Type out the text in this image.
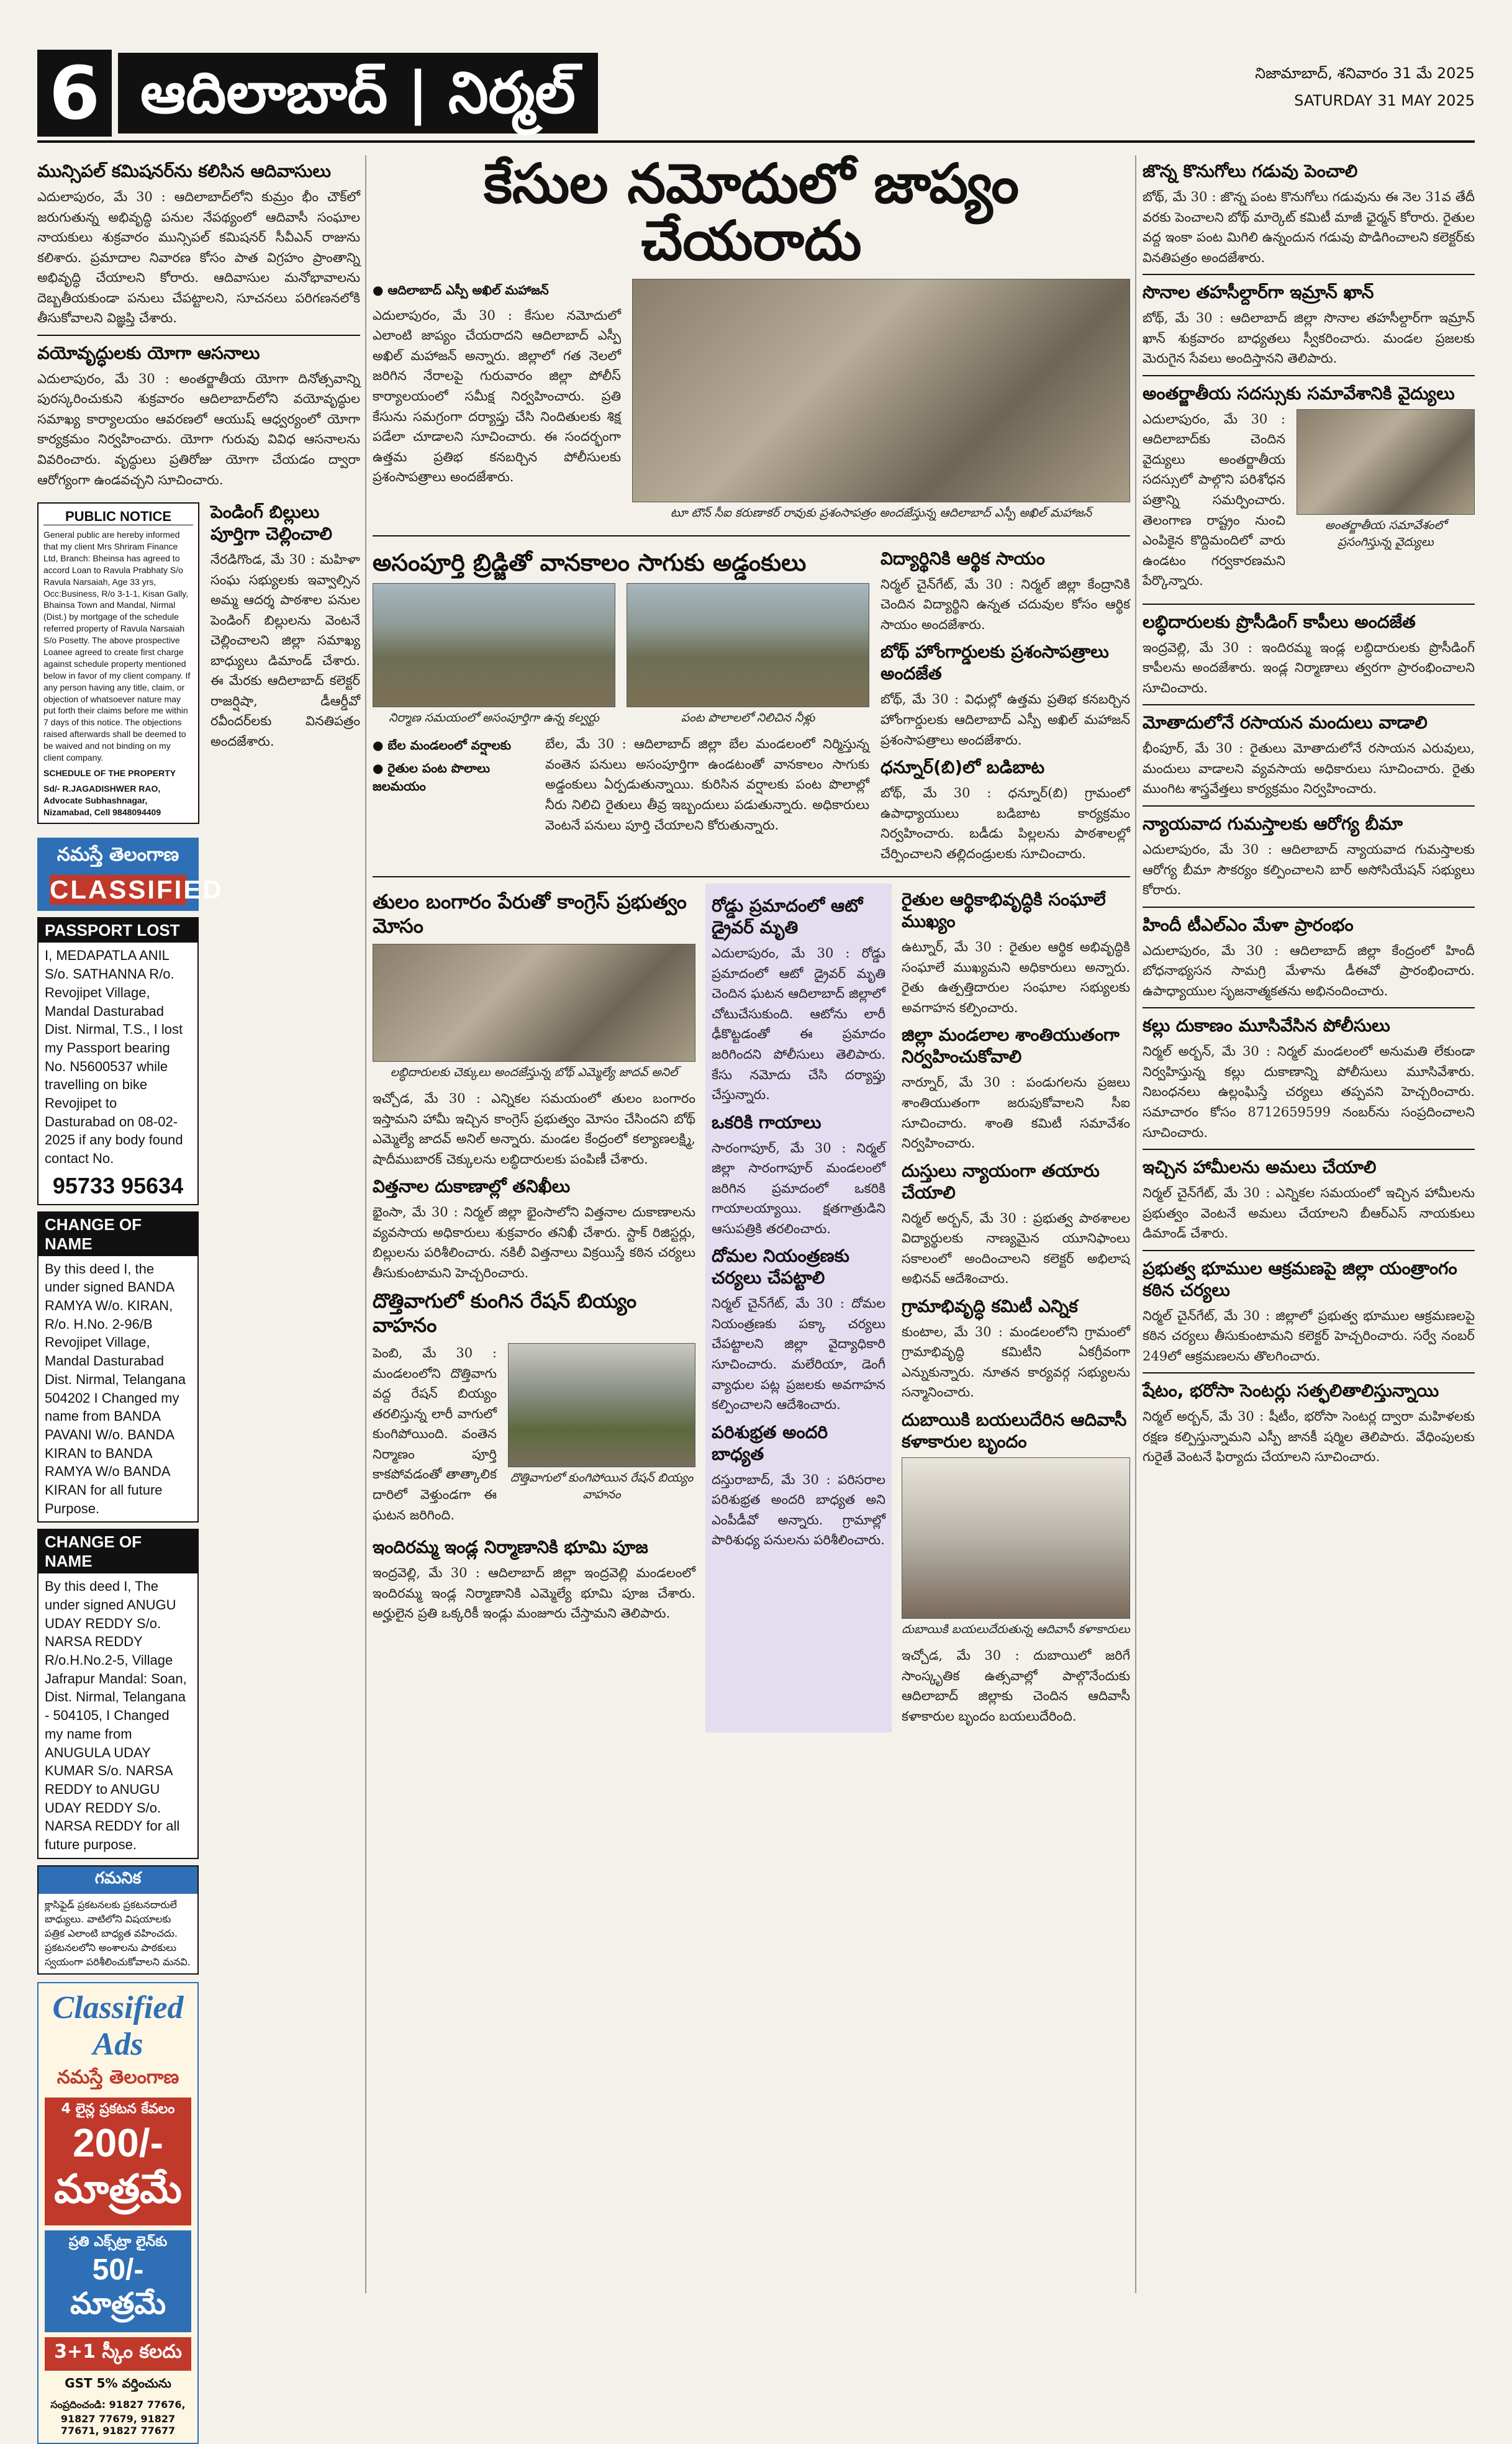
6 ఆదిలాబాద్ | నిర్మల్	నిజామాబాద్, శనివారం 31 మే 2025
SATURDAY 31 MAY 2025
మున్సిపల్ కమిషనర్‌ను కలిసిన ఆదివాసులు

ఎదులాపురం, మే 30 : ఆదిలాబాద్‌లోని కుమ్రం భీం చౌక్‌లో జరుగుతున్న అభివృద్ధి పనుల నేపథ్యంలో ఆదివాసీ సంఘాల నాయకులు శుక్రవారం మున్సిపల్ కమిషనర్ సీవీఎన్ రాజును కలిశారు. ప్రమాదాల నివారణ కోసం పాత విగ్రహం ప్రాంతాన్ని అభివృద్ధి చేయాలని కోరారు. ఆదివాసుల మనోభావాలను దెబ్బతీయకుండా పనులు చేపట్టాలని, సూచనలు పరిగణనలోకి తీసుకోవాలని విజ్ఞప్తి చేశారు.

వయోవృద్ధులకు యోగా ఆసనాలు

ఎదులాపురం, మే 30 : అంతర్జాతీయ యోగా దినోత్సవాన్ని పురస్కరించుకుని శుక్రవారం ఆదిలాబాద్‌లోని వయోవృద్ధుల సమాఖ్య కార్యాలయం ఆవరణలో ఆయుష్ ఆధ్వర్యంలో యోగా కార్యక్రమం నిర్వహించారు. యోగా గురువు వివిధ ఆసనాలను వివరించారు. వృద్ధులు ప్రతిరోజు యోగా చేయడం ద్వారా ఆరోగ్యంగా ఉండవచ్చని సూచించారు.

PUBLIC NOTICE

General public are hereby informed that my client Mrs Shriram Finance Ltd, Branch: Bheinsa has agreed to accord Loan to Ravula Prabhaty S/o Ravula Narsaiah, Age 33 yrs, Occ:Business, R/o 3-1-1, Kisan Gally, Bhainsa Town and Mandal, Nirmal (Dist.) by mortgage of the schedule referred property of Ravula Narsaiah S/o Posetty. The above prospective Loanee agreed to create first charge against schedule property mentioned below in favor of my client company. If any person having any title, claim, or objection of whatsoever nature may put forth their claims before me within 7 days of this notice. The objections raised afterwards shall be deemed to be waived and not binding on my client company.

SCHEDULE OF THE PROPERTY

Sd/- R.JAGADISHWER RAO, Advocate Subhashnagar, Nizamabad, Cell 9848094409

పెండింగ్ బిల్లులు పూర్తిగా చెల్లించాలి

నేరడిగొండ, మే 30 : మహిళా సంఘ సభ్యులకు ఇవ్వాల్సిన అమ్మ ఆదర్శ పాఠశాల పనుల పెండింగ్ బిల్లులను వెంటనే చెల్లించాలని జిల్లా సమాఖ్య బాధ్యులు డిమాండ్ చేశారు. ఈ మేరకు ఆదిలాబాద్ కలెక్టర్ రాజర్షిషా, డీఆర్డీవో రవీందర్‌లకు వినతిపత్రం అందజేశారు.

నమస్తే తెలంగాణ
CLASSIFIED
PASSPORT LOST

I, MEDAPATLA ANIL S/o. SATHANNA R/o. Revojipet Village, Mandal Dasturabad Dist. Nirmal, T.S., I lost my Passport bearing No. N5600537 while travelling on bike Revojipet to Dasturabad on 08-02-2025 if any body found contact No.

95733 95634
CHANGE OF NAME

By this deed I, the under signed BANDA RAMYA W/o. KIRAN, R/o. H.No. 2-96/B Revojipet Village, Mandal Dasturabad Dist. Nirmal, Telangana 504202 I Changed my name from BANDA PAVANI W/o. BANDA KIRAN to BANDA RAMYA W/o BANDA KIRAN for all future Purpose.

CHANGE OF NAME

By this deed I, The under signed ANUGU UDAY REDDY S/o. NARSA REDDY R/o.H.No.2-5, Village Jafrapur Mandal: Soan, Dist. Nirmal, Telangana - 504105, I Changed my name from ANUGULA UDAY KUMAR S/o. NARSA REDDY to ANUGU UDAY REDDY S/o. NARSA REDDY for all future purpose.

గమనిక

క్లాసిఫైడ్ ప్రకటనలకు ప్రకటనదారులే బాధ్యులు. వాటిలోని విషయాలకు పత్రిక ఎలాంటి బాధ్యత వహించదు. ప్రకటనలలోని అంశాలను పాఠకులు స్వయంగా పరిశీలించుకోవాలని మనవి.

Classified Ads
నమస్తే తెలంగాణ
4 లైన్ల ప్రకటన కేవలం
200/- మాత్రమే
ప్రతి ఎక్స్‌ట్రా లైన్‌కు
50/- మాత్రమే
3+1 స్కీం కలదు
GST 5% వర్తించును
సంప్రదించండి: 91827 77676, 91827 77679, 91827 77671, 91827 77677
కేసుల నమోదులో జాప్యం చేయరాదు
● ఆదిలాబాద్ ఎస్పీ అఖిల్ మహాజన్

ఎదులాపురం, మే 30 : కేసుల నమోదులో ఎలాంటి జాప్యం చేయరాదని ఆదిలాబాద్ ఎస్పీ అఖిల్ మహాజన్ అన్నారు. జిల్లాలో గత నెలలో జరిగిన నేరాలపై గురువారం జిల్లా పోలీస్ కార్యాలయంలో సమీక్ష నిర్వహించారు. ప్రతి కేసును సమగ్రంగా దర్యాప్తు చేసి నిందితులకు శిక్ష పడేలా చూడాలని సూచించారు. ఈ సందర్భంగా ఉత్తమ ప్రతిభ కనబర్చిన పోలీసులకు ప్రశంసాపత్రాలు అందజేశారు.

టూ టౌన్ సీఐ కరుణాకర్ రావుకు ప్రశంసాపత్రం అందజేస్తున్న ఆదిలాబాద్ ఎస్పీ అఖిల్ మహాజన్
అసంపూర్తి బ్రిడ్జితో వానకాలం సాగుకు అడ్డంకులు
నిర్మాణ సమయంలో అసంపూర్తిగా ఉన్న కల్వర్టు	పంట పొలాలలో నిలిచిన నీళ్లు
● బేల మండలంలో వర్షాలకు
● రైతుల పంట పొలాలు జలమయం

బేల, మే 30 : ఆదిలాబాద్ జిల్లా బేల మండలంలో నిర్మిస్తున్న వంతెన పనులు అసంపూర్తిగా ఉండటంతో వానకాలం సాగుకు అడ్డంకులు ఏర్పడుతున్నాయి. కురిసిన వర్షాలకు పంట పొలాల్లో నీరు నిలిచి రైతులు తీవ్ర ఇబ్బందులు పడుతున్నారు. అధికారులు వెంటనే పనులు పూర్తి చేయాలని కోరుతున్నారు.

విద్యార్థినికి ఆర్థిక సాయం

నిర్మల్ చైన్‌గేట్, మే 30 : నిర్మల్ జిల్లా కేంద్రానికి చెందిన విద్యార్థిని ఉన్నత చదువుల కోసం ఆర్థిక సాయం అందజేశారు.

బోథ్ హోంగార్డులకు ప్రశంసాపత్రాలు అందజేత

బోథ్, మే 30 : విధుల్లో ఉత్తమ ప్రతిభ కనబర్చిన హోంగార్డులకు ఆదిలాబాద్ ఎస్పీ అఖిల్ మహాజన్ ప్రశంసాపత్రాలు అందజేశారు.

ధన్నూర్(బి)లో బడిబాట

బోథ్, మే 30 : ధన్నూర్(బి) గ్రామంలో ఉపాధ్యాయులు బడిబాట కార్యక్రమం నిర్వహించారు. బడీడు పిల్లలను పాఠశాలల్లో చేర్పించాలని తల్లిదండ్రులకు సూచించారు.

తులం బంగారం పేరుతో కాంగ్రెస్ ప్రభుత్వం మోసం
లబ్ధిదారులకు చెక్కులు అందజేస్తున్న బోథ్ ఎమ్మెల్యే జాదవ్ అనిల్

ఇచ్చోడ, మే 30 : ఎన్నికల సమయంలో తులం బంగారం ఇస్తామని హామీ ఇచ్చిన కాంగ్రెస్ ప్రభుత్వం మోసం చేసిందని బోథ్ ఎమ్మెల్యే జాదవ్ అనిల్ అన్నారు. మండల కేంద్రంలో కల్యాణలక్ష్మి, షాదీముబారక్ చెక్కులను లబ్ధిదారులకు పంపిణీ చేశారు.

విత్తనాల దుకాణాల్లో తనిఖీలు

భైంసా, మే 30 : నిర్మల్ జిల్లా భైంసాలోని విత్తనాల దుకాణాలను వ్యవసాయ అధికారులు శుక్రవారం తనిఖీ చేశారు. స్టాక్ రిజిస్టర్లు, బిల్లులను పరిశీలించారు. నకిలీ విత్తనాలు విక్రయిస్తే కఠిన చర్యలు తీసుకుంటామని హెచ్చరించారు.

దొత్తివాగులో కుంగిన రేషన్ బియ్యం వాహనం

పెంబి, మే 30 : మండలంలోని దొత్తివాగు వద్ద రేషన్ బియ్యం తరలిస్తున్న లారీ వాగులో కుంగిపోయింది. వంతెన నిర్మాణం పూర్తి కాకపోవడంతో తాత్కాలిక దారిలో వెళ్తుండగా ఈ ఘటన జరిగింది.

దొత్తివాగులో కుంగిపోయిన రేషన్ బియ్యం వాహనం
ఇందిరమ్మ ఇండ్ల నిర్మాణానికి భూమి పూజ

ఇంద్రవెల్లి, మే 30 : ఆదిలాబాద్ జిల్లా ఇంద్రవెల్లి మండలంలో ఇందిరమ్మ ఇండ్ల నిర్మాణానికి ఎమ్మెల్యే భూమి పూజ చేశారు. అర్హులైన ప్రతి ఒక్కరికీ ఇండ్లు మంజూరు చేస్తామని తెలిపారు.

రోడ్డు ప్రమాదంలో ఆటో డ్రైవర్ మృతి

ఎదులాపురం, మే 30 : రోడ్డు ప్రమాదంలో ఆటో డ్రైవర్ మృతి చెందిన ఘటన ఆదిలాబాద్ జిల్లాలో చోటుచేసుకుంది. ఆటోను లారీ ఢీకొట్టడంతో ఈ ప్రమాదం జరిగిందని పోలీసులు తెలిపారు. కేసు నమోదు చేసి దర్యాప్తు చేస్తున్నారు.

ఒకరికి గాయాలు

సారంగాపూర్, మే 30 : నిర్మల్ జిల్లా సారంగాపూర్ మండలంలో జరిగిన ప్రమాదంలో ఒకరికి గాయాలయ్యాయి. క్షతగాత్రుడిని ఆసుపత్రికి తరలించారు.

దోమల నియంత్రణకు చర్యలు చేపట్టాలి

నిర్మల్ చైన్‌గేట్, మే 30 : దోమల నియంత్రణకు పక్కా చర్యలు చేపట్టాలని జిల్లా వైద్యాధికారి సూచించారు. మలేరియా, డెంగీ వ్యాధుల పట్ల ప్రజలకు అవగాహన కల్పించాలని ఆదేశించారు.

పరిశుభ్రత అందరి బాధ్యత

దస్తురాబాద్, మే 30 : పరిసరాల పరిశుభ్రత అందరి బాధ్యత అని ఎంపీడీవో అన్నారు. గ్రామాల్లో పారిశుధ్య పనులను పరిశీలించారు.

రైతుల ఆర్థికాభివృద్ధికి సంఘాలే ముఖ్యం

ఉట్నూర్, మే 30 : రైతుల ఆర్థిక అభివృద్ధికి సంఘాలే ముఖ్యమని అధికారులు అన్నారు. రైతు ఉత్పత్తిదారుల సంఘాల సభ్యులకు అవగాహన కల్పించారు.

జిల్లా మండలాల శాంతియుతంగా నిర్వహించుకోవాలి

నార్నూర్, మే 30 : పండుగలను ప్రజలు శాంతియుతంగా జరుపుకోవాలని సీఐ సూచించారు. శాంతి కమిటీ సమావేశం నిర్వహించారు.

దుస్తులు న్యాయంగా తయారు చేయాలి

నిర్మల్ అర్బన్, మే 30 : ప్రభుత్వ పాఠశాలల విద్యార్థులకు నాణ్యమైన యూనిఫాంలు సకాలంలో అందించాలని కలెక్టర్ అభిలాష అభినవ్ ఆదేశించారు.

గ్రామాభివృద్ధి కమిటీ ఎన్నిక

కుంటాల, మే 30 : మండలంలోని గ్రామంలో గ్రామాభివృద్ధి కమిటీని ఏకగ్రీవంగా ఎన్నుకున్నారు. నూతన కార్యవర్గ సభ్యులను సన్మానించారు.

దుబాయికి బయలుదేరిన ఆదివాసీ కళాకారుల బృందం
దుబాయికి బయలుదేరుతున్న ఆదివాసీ కళాకారులు

ఇచ్చోడ, మే 30 : దుబాయిలో జరిగే సాంస్కృతిక ఉత్సవాల్లో పాల్గొనేందుకు ఆదిలాబాద్ జిల్లాకు చెందిన ఆదివాసీ కళాకారుల బృందం బయలుదేరింది.

జొన్న కొనుగోలు గడువు పెంచాలి

బోథ్, మే 30 : జొన్న పంట కొనుగోలు గడువును ఈ నెల 31వ తేదీ వరకు పెంచాలని బోథ్ మార్కెట్ కమిటీ మాజీ ఛైర్మన్ కోరారు. రైతుల వద్ద ఇంకా పంట మిగిలి ఉన్నందున గడువు పొడిగించాలని కలెక్టర్‌కు వినతిపత్రం అందజేశారు.

సొనాల తహసీల్దార్‌గా ఇమ్రాన్ ఖాన్

బోథ్, మే 30 : ఆదిలాబాద్ జిల్లా సొనాల తహసీల్దార్‌గా ఇమ్రాన్ ఖాన్ శుక్రవారం బాధ్యతలు స్వీకరించారు. మండల ప్రజలకు మెరుగైన సేవలు అందిస్తానని తెలిపారు.

అంతర్జాతీయ సదస్సుకు సమావేశానికి వైద్యులు

ఎదులాపురం, మే 30 : ఆదిలాబాద్‌కు చెందిన వైద్యులు అంతర్జాతీయ సదస్సులో పాల్గొని పరిశోధన పత్రాన్ని సమర్పించారు. తెలంగాణ రాష్ట్రం నుంచి ఎంపికైన కొద్దిమందిలో వారు ఉండటం గర్వకారణమని పేర్కొన్నారు.

అంతర్జాతీయ సమావేశంలో ప్రసంగిస్తున్న వైద్యులు
లబ్ధిదారులకు ప్రొసీడింగ్ కాపీలు అందజేత

ఇంద్రవెల్లి, మే 30 : ఇందిరమ్మ ఇండ్ల లబ్ధిదారులకు ప్రొసీడింగ్ కాపీలను అందజేశారు. ఇండ్ల నిర్మాణాలు త్వరగా ప్రారంభించాలని సూచించారు.

మోతాదులోనే రసాయన మందులు వాడాలి

భీంపూర్, మే 30 : రైతులు మోతాదులోనే రసాయన ఎరువులు, మందులు వాడాలని వ్యవసాయ అధికారులు సూచించారు. రైతు ముంగిట శాస్త్రవేత్తలు కార్యక్రమం నిర్వహించారు.

న్యాయవాద గుమస్తాలకు ఆరోగ్య బీమా

ఎదులాపురం, మే 30 : ఆదిలాబాద్ న్యాయవాద గుమస్తాలకు ఆరోగ్య బీమా సౌకర్యం కల్పించాలని బార్ అసోసియేషన్ సభ్యులు కోరారు.

హిందీ టీఎల్ఎం మేళా ప్రారంభం

ఎదులాపురం, మే 30 : ఆదిలాబాద్ జిల్లా కేంద్రంలో హిందీ బోధనాభ్యసన సామగ్రి మేళాను డీఈవో ప్రారంభించారు. ఉపాధ్యాయుల సృజనాత్మకతను అభినందించారు.

కల్లు దుకాణం మూసివేసిన పోలీసులు

నిర్మల్ అర్బన్, మే 30 : నిర్మల్ మండలంలో అనుమతి లేకుండా నిర్వహిస్తున్న కల్లు దుకాణాన్ని పోలీసులు మూసివేశారు. నిబంధనలు ఉల్లంఘిస్తే చర్యలు తప్పవని హెచ్చరించారు. సమాచారం కోసం 8712659599 నంబర్‌ను సంప్రదించాలని సూచించారు.

ఇచ్చిన హామీలను అమలు చేయాలి

నిర్మల్ చైన్‌గేట్, మే 30 : ఎన్నికల సమయంలో ఇచ్చిన హామీలను ప్రభుత్వం వెంటనే అమలు చేయాలని బీఆర్ఎస్ నాయకులు డిమాండ్ చేశారు.

ప్రభుత్వ భూముల ఆక్రమణపై జిల్లా యంత్రాంగం కఠిన చర్యలు

నిర్మల్ చైన్‌గేట్, మే 30 : జిల్లాలో ప్రభుత్వ భూముల ఆక్రమణలపై కఠిన చర్యలు తీసుకుంటామని కలెక్టర్ హెచ్చరించారు. సర్వే నంబర్ 249లో ఆక్రమణలను తొలగించారు.

షేటం, భరోసా సెంటర్లు సత్ఫలితాలిస్తున్నాయి

నిర్మల్ అర్బన్, మే 30 : షీటీం, భరోసా సెంటర్ల ద్వారా మహిళలకు రక్షణ కల్పిస్తున్నామని ఎస్పీ జానకీ షర్మిల తెలిపారు. వేధింపులకు గురైతే వెంటనే ఫిర్యాదు చేయాలని సూచించారు.
